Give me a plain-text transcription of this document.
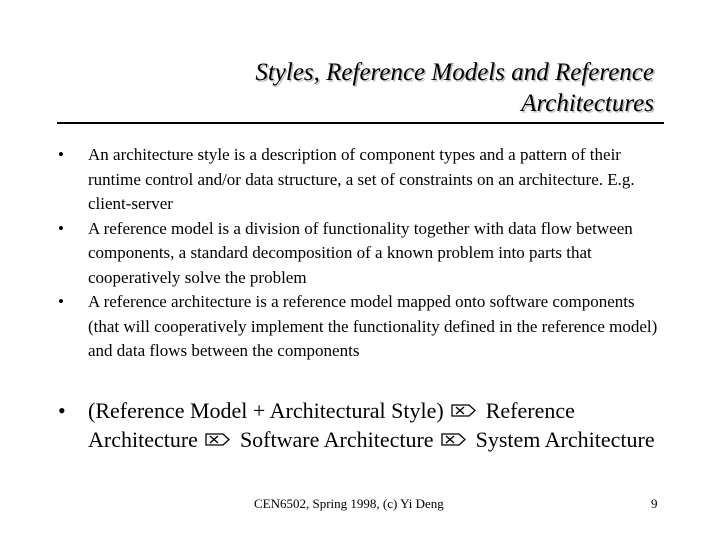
Styles, Reference Models and Reference Architectures
• An architecture style is a description of component types and a pattern of their runtime control and/or data structure, a set of constraints on an architecture. E.g. client-server
• A reference model is a division of functionality together with data flow between components, a standard decomposition of a known problem into parts that cooperatively solve the problem
• A reference architecture is a reference model mapped onto software components (that will cooperatively implement the functionality defined in the reference model) and data flows between the components
• (Reference Model + Architectural Style) Reference Architecture Software Architecture System Architecture
CEN6502, Spring 1998, (c) Yi Deng	9
